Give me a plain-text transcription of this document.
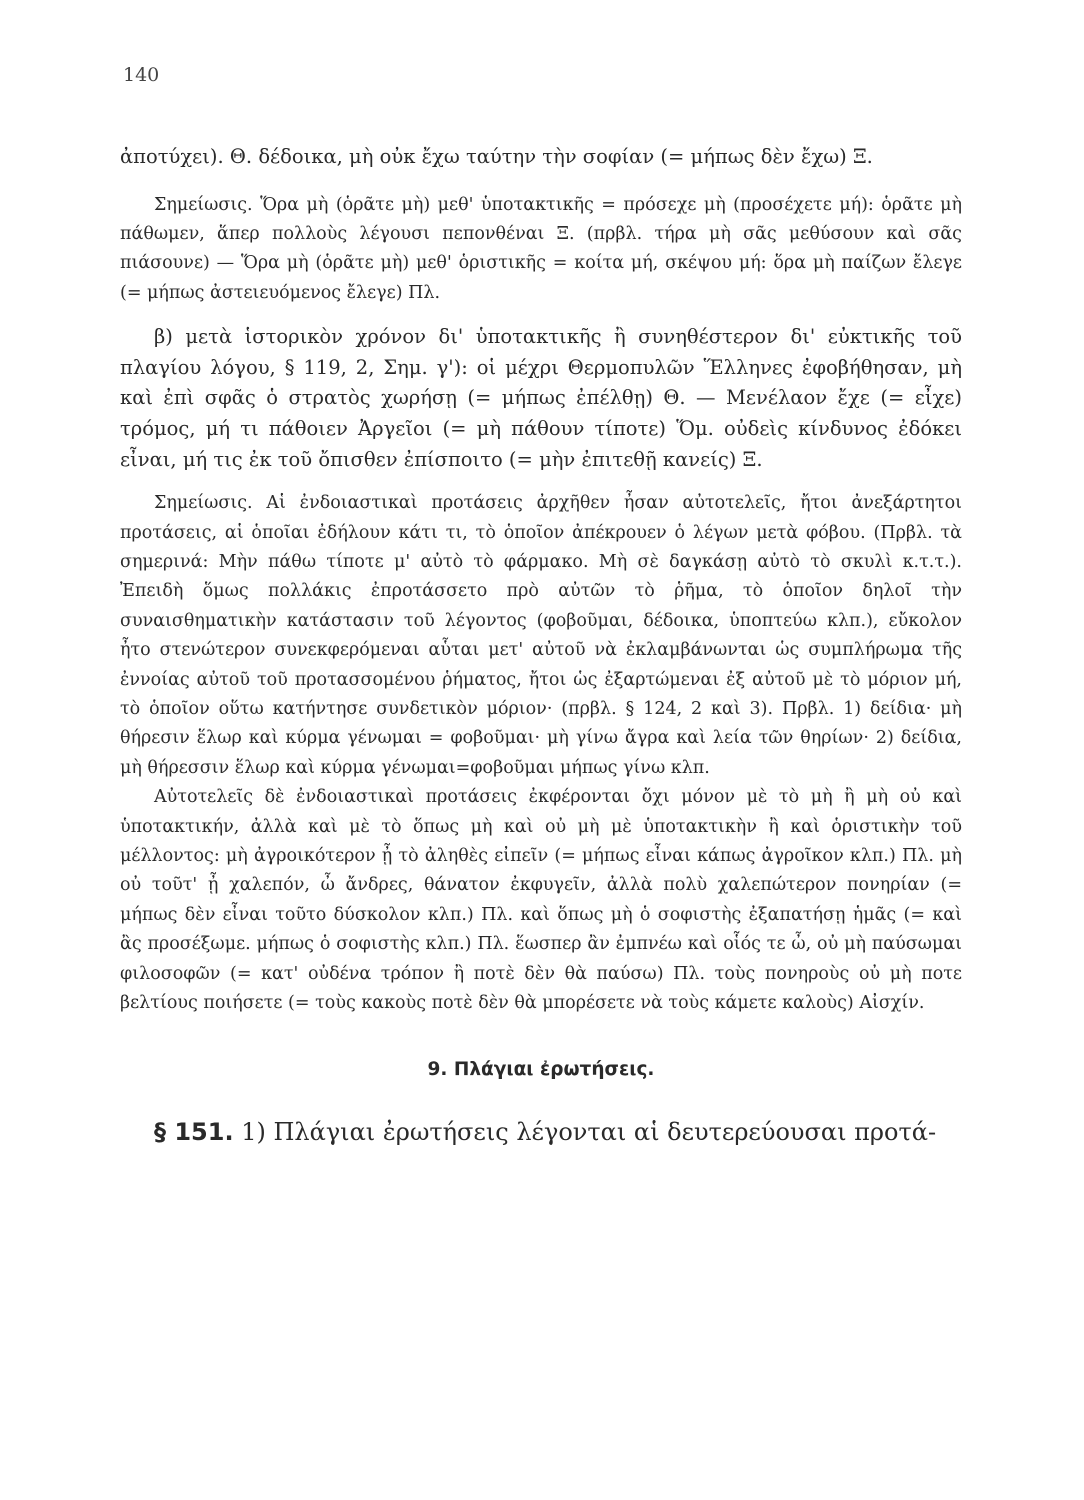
140

ἀποτύχει). Θ. δέδοικα, μὴ οὐκ ἔχω ταύτην τὴν σοφίαν (= μήπως δὲν ἔχω) Ξ.

Σημείωσις. Ὅρα μὴ (ὁρᾶτε μὴ) μεθ' ὑποτακτικῆς = πρόσεχε μὴ (προσέχετε μή): ὁρᾶτε μὴ πάθωμεν, ἅπερ πολλοὺς λέγουσι πεπονθέναι Ξ. (πρβλ. τήρα μὴ σᾶς μεθύσουν καὶ σᾶς πιάσουνε) — Ὅρα μὴ (ὁρᾶτε μὴ) μεθ' ὁριστικῆς = κοίτα μή, σκέψου μή: ὅρα μὴ παίζων ἔλεγε (= μήπως ἀστειευόμενος ἔλεγε) Πλ.

β) μετὰ ἱστορικὸν χρόνον δι' ὑποτακτικῆς ἢ συνηθέστερον δι' εὐκτικῆς τοῦ πλαγίου λόγου, § 119, 2, Σημ. γ'): οἱ μέχρι Θερμοπυλῶν Ἕλληνες ἐφοβήθησαν, μὴ καὶ ἐπὶ σφᾶς ὁ στρατὸς χωρήσῃ (= μήπως ἐπέλθῃ) Θ. — Μενέλαον ἔχε (= εἶχε) τρόμος, μή τι πάθοιεν Ἀργεῖοι (= μὴ πάθουν τίποτε) Ὅμ. οὐδεὶς κίνδυνος ἐδόκει εἶναι, μή τις ἐκ τοῦ ὄπισθεν ἐπίσποιτο (= μὴν ἐπιτεθῇ κανείς) Ξ.

Σημείωσις. Αἱ ἐνδοιαστικαὶ προτάσεις ἀρχῆθεν ἦσαν αὐτοτελεῖς, ἤτοι ἀνεξάρτητοι προτάσεις, αἱ ὁποῖαι ἐδήλουν κάτι τι, τὸ ὁποῖον ἀπέκρουεν ὁ λέγων μετὰ φόβου. (Πρβλ. τὰ σημερινά: Μὴν πάθω τίποτε μ' αὐτὸ τὸ φάρμακο. Μὴ σὲ δαγκάσῃ αὐτὸ τὸ σκυλὶ κ.τ.τ.). Ἐπειδὴ ὅμως πολλάκις ἐπροτάσσετο πρὸ αὐτῶν τὸ ῥῆμα, τὸ ὁποῖον δηλοῖ τὴν συναισθηματικὴν κατάστασιν τοῦ λέγοντος (φοβοῦμαι, δέδοικα, ὑποπτεύω κλπ.), εὔκολον ἦτο στενώτερον συνεκφερόμεναι αὗται μετ' αὐτοῦ νὰ ἐκλαμβάνωνται ὡς συμπλήρωμα τῆς ἐννοίας αὐτοῦ τοῦ προτασσομένου ῥήματος, ἤτοι ὡς ἐξαρτώμεναι ἐξ αὐτοῦ μὲ τὸ μόριον μή, τὸ ὁποῖον οὕτω κατήντησε συνδετικὸν μόριον· (πρβλ. § 124, 2 καὶ 3). Πρβλ. 1) δείδια· μὴ θήρεσιν ἕλωρ καὶ κύρμα γένωμαι = φοβοῦμαι· μὴ γίνω ἄγρα καὶ λεία τῶν θηρίων· 2) δείδια, μὴ θήρεσσιν ἕλωρ καὶ κύρμα γένωμαι=φοβοῦμαι μήπως γίνω κλπ.

Αὐτοτελεῖς δὲ ἐνδοιαστικαὶ προτάσεις ἐκφέρονται ὄχι μόνον μὲ τὸ μὴ ἢ μὴ οὐ καὶ ὑποτακτικήν, ἀλλὰ καὶ μὲ τὸ ὅπως μὴ καὶ οὐ μὴ μὲ ὑποτακτικὴν ἢ καὶ ὁριστικὴν τοῦ μέλλοντος: μὴ ἀγροικότερον ᾖ τὸ ἀληθὲς εἰπεῖν (= μήπως εἶναι κάπως ἀγροῖκον κλπ.) Πλ. μὴ οὐ τοῦτ' ᾖ χαλεπόν, ὦ ἄνδρες, θάνατον ἐκφυγεῖν, ἀλλὰ πολὺ χαλεπώτερον πονηρίαν (= μήπως δὲν εἶναι τοῦτο δύσκολον κλπ.) Πλ. καὶ ὅπως μὴ ὁ σοφιστὴς ἐξαπατήσῃ ἡμᾶς (= καὶ ἂς προσέξωμε. μήπως ὁ σοφιστὴς κλπ.) Πλ. ἕωσπερ ἂν ἐμπνέω καὶ οἷός τε ὦ, οὐ μὴ παύσωμαι φιλοσοφῶν (= κατ' οὐδένα τρόπον ἢ ποτὲ δὲν θὰ παύσω) Πλ. τοὺς πονηροὺς οὐ μὴ ποτε βελτίους ποιήσετε (= τοὺς κακοὺς ποτὲ δὲν θὰ μπορέσετε νὰ τοὺς κάμετε καλοὺς) Αἰσχίν.

9. Πλάγιαι ἐρωτήσεις.

§ 151. 1) Πλάγιαι ἐρωτήσεις λέγονται αἱ δευτερεύουσαι προτά-
